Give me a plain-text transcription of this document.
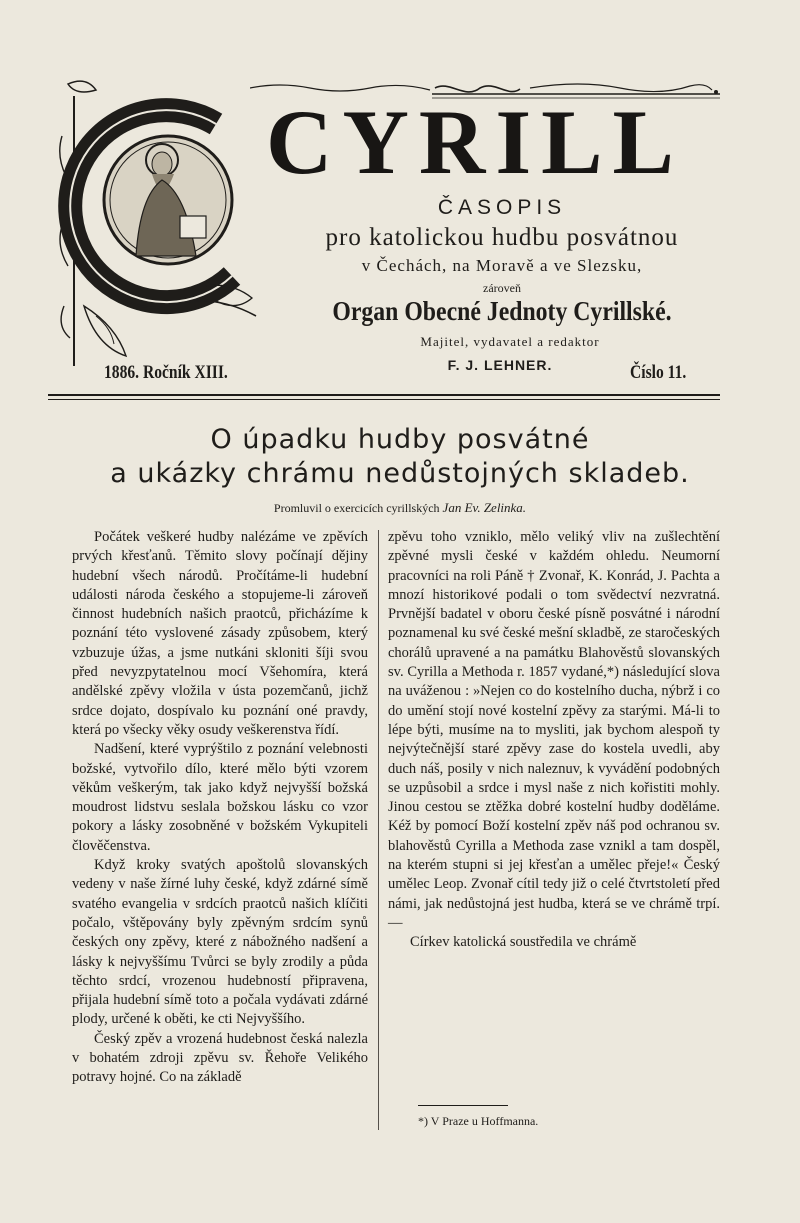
CYRILL
ČASOPIS
pro katolickou hudbu posvátnou
v Čechách, na Moravě a ve Slezsku,
zároveň
Organ Obecné Jednoty Cyrillské.
Majitel, vydavatel a redaktor
F. J. LEHNER.
1886. Ročník XIII.	Číslo 11.
O úpadku hudby posvátné
a ukázky chrámu nedůstojných skladeb.
Promluvil o exercicích cyrillských Jan Ev. Zelinka.

Počátek veškeré hudby nalézáme ve zpěvích prvých křesťanů. Těmito slovy počínají dějiny hudební všech národů. Pročítáme-li hudební události národa českého a stopujeme-li zároveň činnost hudebních našich praotců, přicházíme k poznání této vyslovené zásady způsobem, který vzbuzuje úžas, a jsme nutkáni skloniti šíji svou před nevyzpytatelnou mocí Všehomíra, která andělské zpěvy vložila v ústa pozemčanů, jichž srdce dojato, dospívalo ku poznání oné pravdy, která po všecky věky osudy veškerenstva řídí.

Nadšení, které vyprýštilo z poznání velebnosti božské, vytvořilo dílo, které mělo býti vzorem věkům veškerým, tak jako když nejvyšší božská moudrost lidstvu seslala božskou lásku co vzor pokory a lásky zosobněné v božském Vykupiteli člověčenstva.

Když kroky svatých apoštolů slovanských vedeny v naše žírné luhy české, když zdárné símě svatého evangelia v srdcích praotců našich klíčiti počalo, vštěpovány byly zpěvným srdcím synů českých ony zpěvy, které z nábožného nadšení a lásky k nejvyššímu Tvůrci se byly zrodily a půda těchto srdcí, vrozenou hudebností připravena, přijala hudební símě toto a počala vydávati zdárné plody, určené k oběti, ke cti Nejvyššího.

Český zpěv a vrozená hudebnost česká nalezla v bohatém zdroji zpěvu sv. Řehoře Velikého potravy hojné. Co na základě

zpěvu toho vzniklo, mělo veliký vliv na zušlechtění zpěvné mysli české v každém ohledu. Neumorní pracovníci na roli Páně † Zvonař, K. Konrád, J. Pachta a mnozí historikové podali o tom svědectví nezvratná. Prvnější badatel v oboru české písně posvátné i národní poznamenal ku své české mešní skladbě, ze staročeských chorálů upravené a na památku Blahověstů slovanských sv. Cyrilla a Methoda r. 1857 vydané,*) následující slova na uváženou : »Nejen co do kostelního ducha, nýbrž i co do umění stojí nové kostelní zpěvy za starými. Má-li to lépe býti, musíme na to mysliti, jak bychom alespoň ty nejvýtečnější staré zpěvy zase do kostela uvedli, aby duch náš, posily v nich naleznuv, k vyvádění podobných se uzpůsobil a srdce i mysl naše z nich kořistiti mohly. Jinou cestou se ztěžka dobré kostelní hudby doděláme. Kéž by pomocí Boží kostelní zpěv náš pod ochranou sv. blahověstů Cyrilla a Methoda zase vznikl a tam dospěl, na kterém stupni si jej křesťan a umělec přeje!« Český umělec Leop. Zvonař cítil tedy již o celé čtvrtstoletí před námi, jak nedůstojná jest hudba, která se ve chrámě trpí. —

Církev katolická soustředila ve chrámě

*) V Praze u Hoffmanna.
